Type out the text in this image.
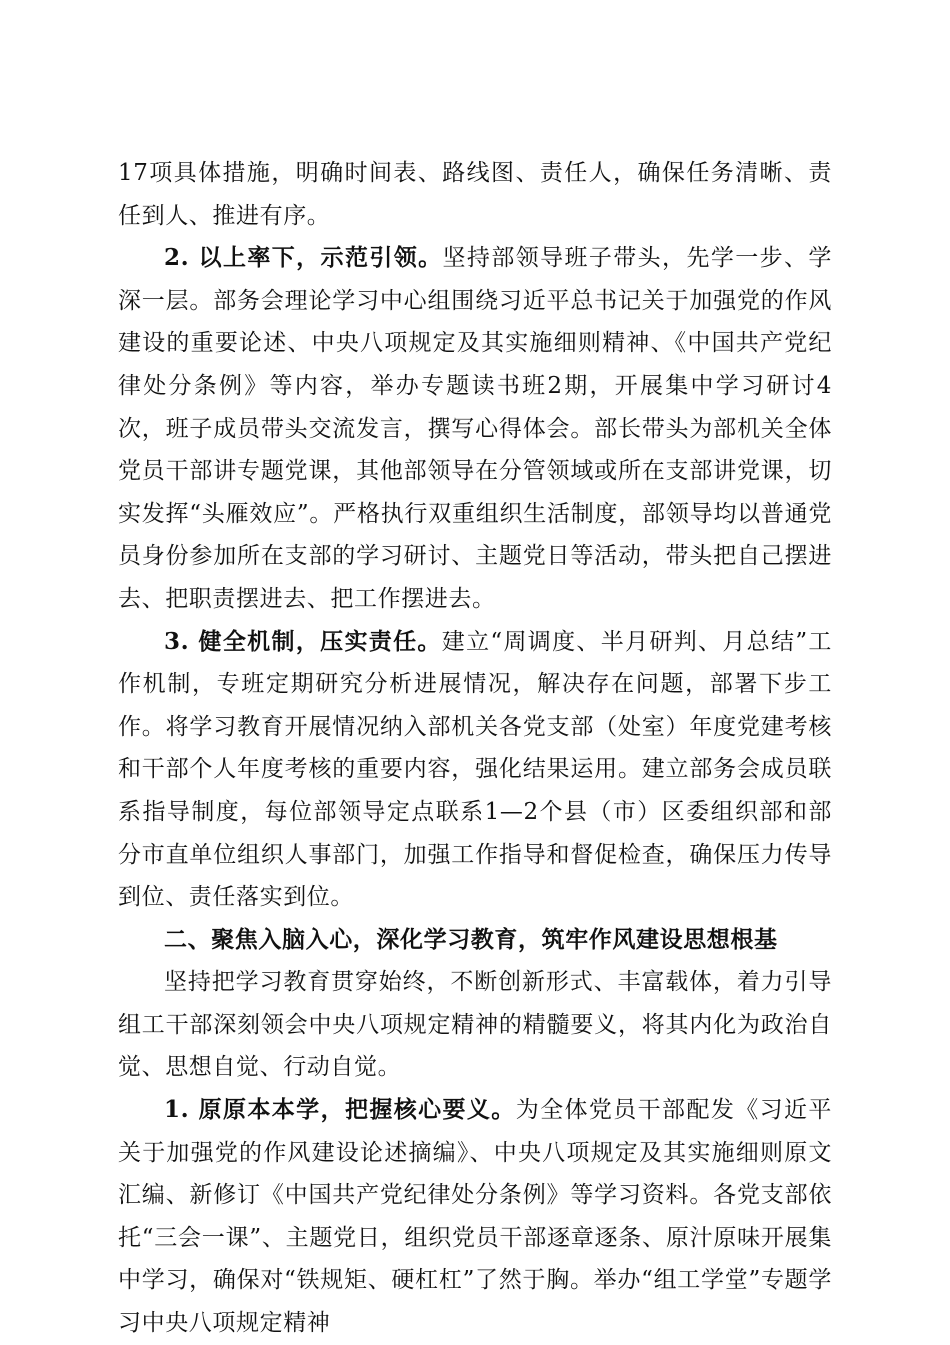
17项具体措施，明确时间表、路线图、责任人，确保任务清晰、责任到人、推进有序。

2. 以上率下，示范引领。坚持部领导班子带头，先学一步、学深一层。部务会理论学习中心组围绕习近平总书记关于加强党的作风建设的重要论述、中央八项规定及其实施细则精神、《中国共产党纪律处分条例》等内容，举办专题读书班2期，开展集中学习研讨4次，班子成员带头交流发言，撰写心得体会。部长带头为部机关全体党员干部讲专题党课，其他部领导在分管领域或所在支部讲党课，切实发挥“头雁效应”。严格执行双重组织生活制度，部领导均以普通党员身份参加所在支部的学习研讨、主题党日等活动，带头把自己摆进去、把职责摆进去、把工作摆进去。

3. 健全机制，压实责任。建立“周调度、半月研判、月总结”工作机制，专班定期研究分析进展情况，解决存在问题，部署下步工作。将学习教育开展情况纳入部机关各党支部（处室）年度党建考核和干部个人年度考核的重要内容，强化结果运用。建立部务会成员联系指导制度，每位部领导定点联系1—2个县（市）区委组织部和部分市直单位组织人事部门，加强工作指导和督促检查，确保压力传导到位、责任落实到位。

二、聚焦入脑入心，深化学习教育，筑牢作风建设思想根基

坚持把学习教育贯穿始终，不断创新形式、丰富载体，着力引导组工干部深刻领会中央八项规定精神的精髓要义，将其内化为政治自觉、思想自觉、行动自觉。

1. 原原本本学，把握核心要义。为全体党员干部配发《习近平关于加强党的作风建设论述摘编》、中央八项规定及其实施细则原文汇编、新修订《中国共产党纪律处分条例》等学习资料。各党支部依托“三会一课”、主题党日，组织党员干部逐章逐条、原汁原味开展集中学习，确保对“铁规矩、硬杠杠”了然于胸。举办“组工学堂”专题学习中央八项规定精神
